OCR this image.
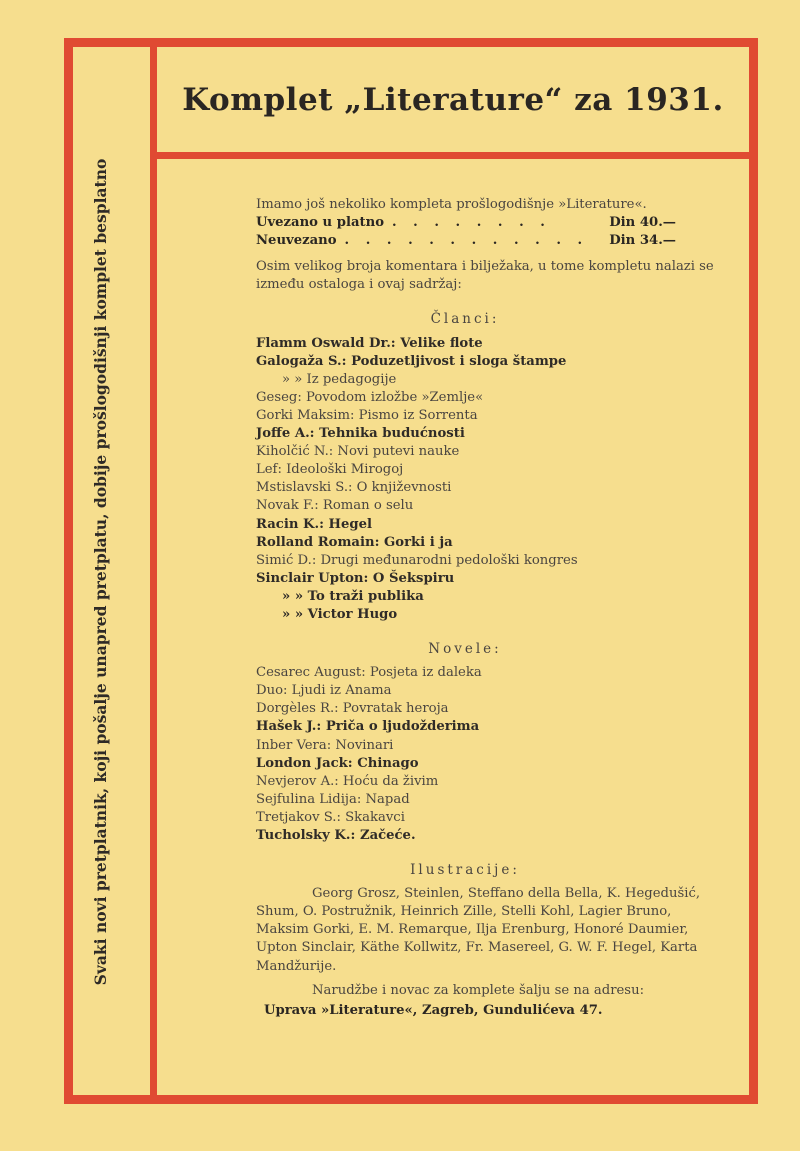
Komplet „Literature“ za 1931.
Svaki novi pretplatnik, koji pošalje unapred pretplatu, dobije prošlogodišnji komplet besplatno	Imamo još nekoliko kompleta prošlogodišnje »Literature«.
Uvezano u platno . . . . . . . .	Din 40.—
Neuvezano . . . . . . . . . . . .	Din 34.—
Osim velikog broja komentara i bilježaka, u tome kompletu nalazi se između ostaloga i ovaj sadržaj:
Članci:
Flamm Oswald Dr.: Velike flote
Galogaža S.: Poduzetljivost i sloga štampe
» » Iz pedagogije
Geseg: Povodom izložbe »Zemlje«
Gorki Maksim: Pismo iz Sorrenta
Joffe A.: Tehnika budućnosti
Kiholčić N.: Novi putevi nauke
Lef: Ideološki Mirogoj
Mstislavski S.: O književnosti
Novak F.: Roman o selu
Racin K.: Hegel
Rolland Romain: Gorki i ja
Simić D.: Drugi međunarodni pedološki kongres
Sinclair Upton: O Šekspiru
» » To traži publika
» » Victor Hugo
Novele:
Cesarec August: Posjeta iz daleka
Duo: Ljudi iz Anama
Dorgèles R.: Povratak heroja
Hašek J.: Priča o ljudožderima
Inber Vera: Novinari
London Jack: Chinago
Nevjerov A.: Hoću da živim
Sejfulina Lidija: Napad
Tretjakov S.: Skakavci
Tucholsky K.: Začeće.
Ilustracije:
Georg Grosz, Steinlen, Steffano della Bella, K. Hegedušić, Shum, O. Postružnik, Heinrich Zille, Stelli Kohl, Lagier Bruno, Maksim Gorki, E. M. Remarque, Ilja Erenburg, Honoré Daumier, Upton Sinclair, Käthe Kollwitz, Fr. Masereel, G. W. F. Hegel, Karta Mandžurije.
Narudžbe i novac za komplete šalju se na adresu:
Uprava »Literature«, Zagreb, Gundulićeva 47.
